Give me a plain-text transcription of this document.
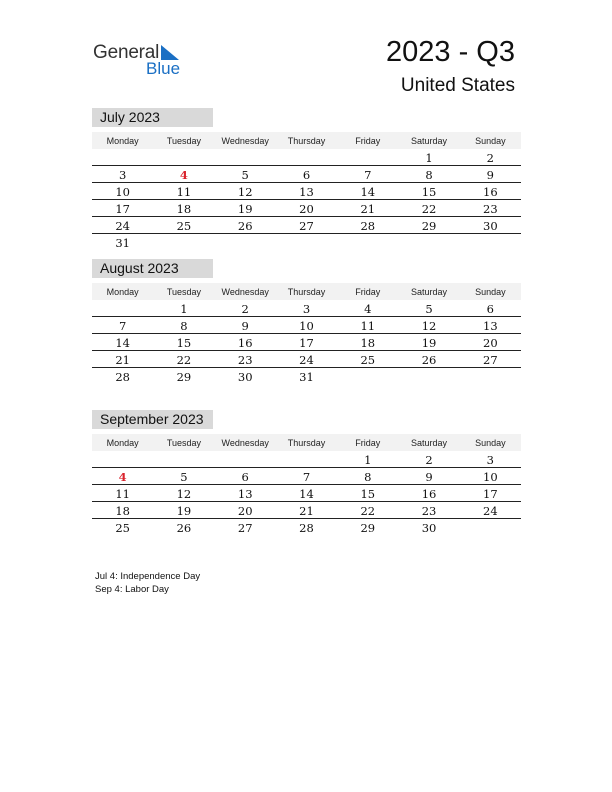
General
Blue
2023 - Q3
United States
July 2023
Monday	Tuesday	Wednesday	Thursday	Friday	Saturday	Sunday
					1	2
3	4	5	6	7	8	9
10	11	12	13	14	15	16
17	18	19	20	21	22	23
24	25	26	27	28	29	30
31						
August 2023
Monday	Tuesday	Wednesday	Thursday	Friday	Saturday	Sunday
	1	2	3	4	5	6
7	8	9	10	11	12	13
14	15	16	17	18	19	20
21	22	23	24	25	26	27
28	29	30	31			
September 2023
Monday	Tuesday	Wednesday	Thursday	Friday	Saturday	Sunday
				1	2	3
4	5	6	7	8	9	10
11	12	13	14	15	16	17
18	19	20	21	22	23	24
25	26	27	28	29	30	
Jul 4: Independence Day
Sep 4: Labor Day
